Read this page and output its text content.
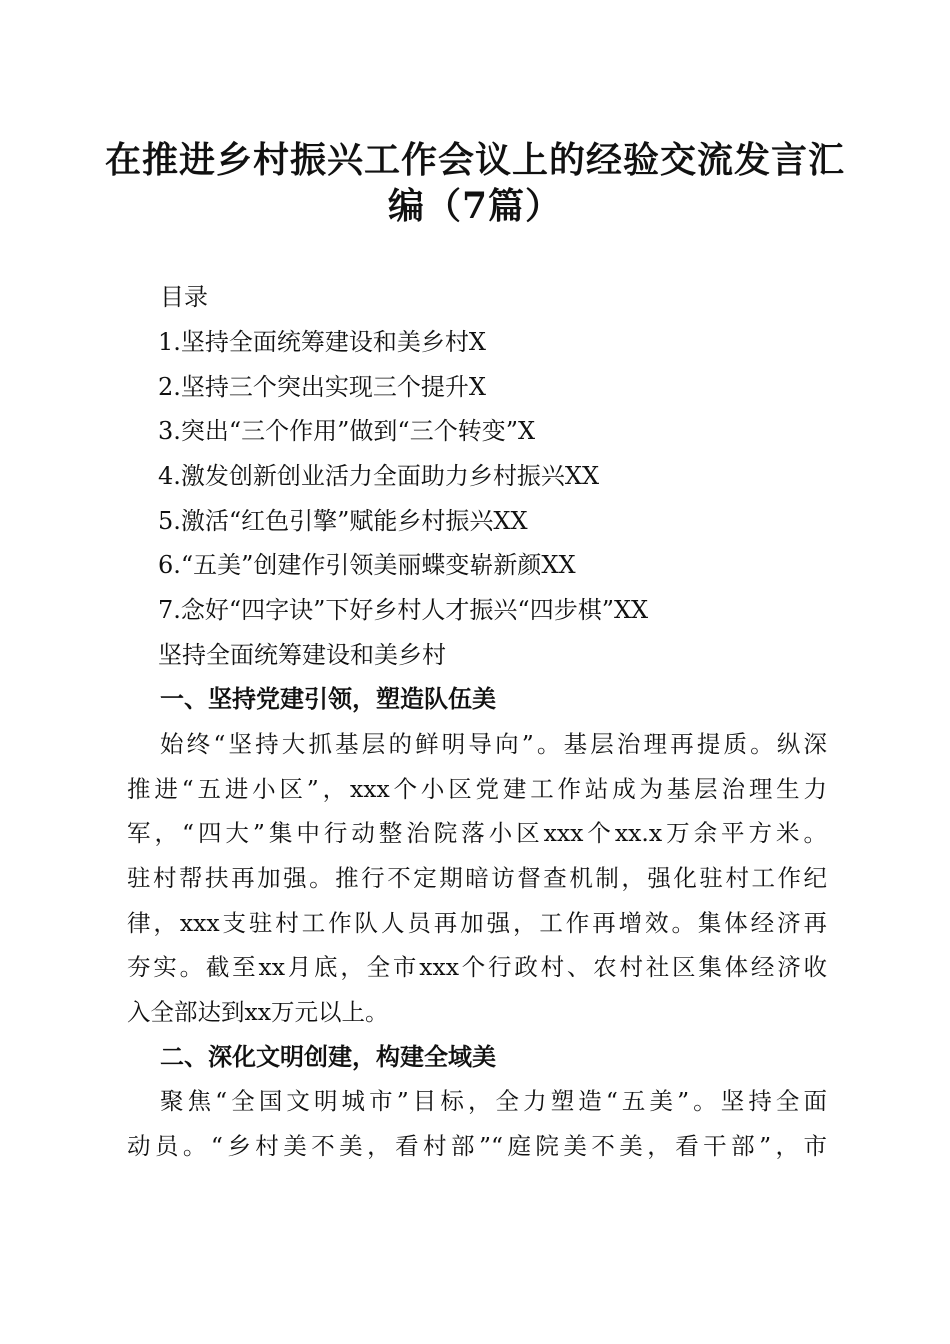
在推进乡村振兴工作会议上的经验交流发言汇
编（7篇）
目录
1.坚持全面统筹建设和美乡村X
2.坚持三个突出实现三个提升X
3.突出“三个作用”做到“三个转变”X
4.激发创新创业活力全面助力乡村振兴XX
5.激活“红色引擎”赋能乡村振兴XX
6.“五美”创建作引领美丽蝶变崭新颜XX
7.念好“四字诀”下好乡村人才振兴“四步棋”XX
坚持全面统筹建设和美乡村
一、坚持党建引领，塑造队伍美
始终“坚持大抓基层的鲜明导向”。基层治理再提质。纵深
推进“五进小区”，xxx个小区党建工作站成为基层治理生力
军，“四大”集中行动整治院落小区xxx个xx.x万余平方米。
驻村帮扶再加强。推行不定期暗访督查机制，强化驻村工作纪
律，xxx支驻村工作队人员再加强，工作再增效。集体经济再
夯实。截至xx月底，全市xxx个行政村、农村社区集体经济收
入全部达到xx万元以上。
二、深化文明创建，构建全域美
聚焦“全国文明城市”目标，全力塑造“五美”。坚持全面
动员。“乡村美不美，看村部”“庭院美不美，看干部”，市
